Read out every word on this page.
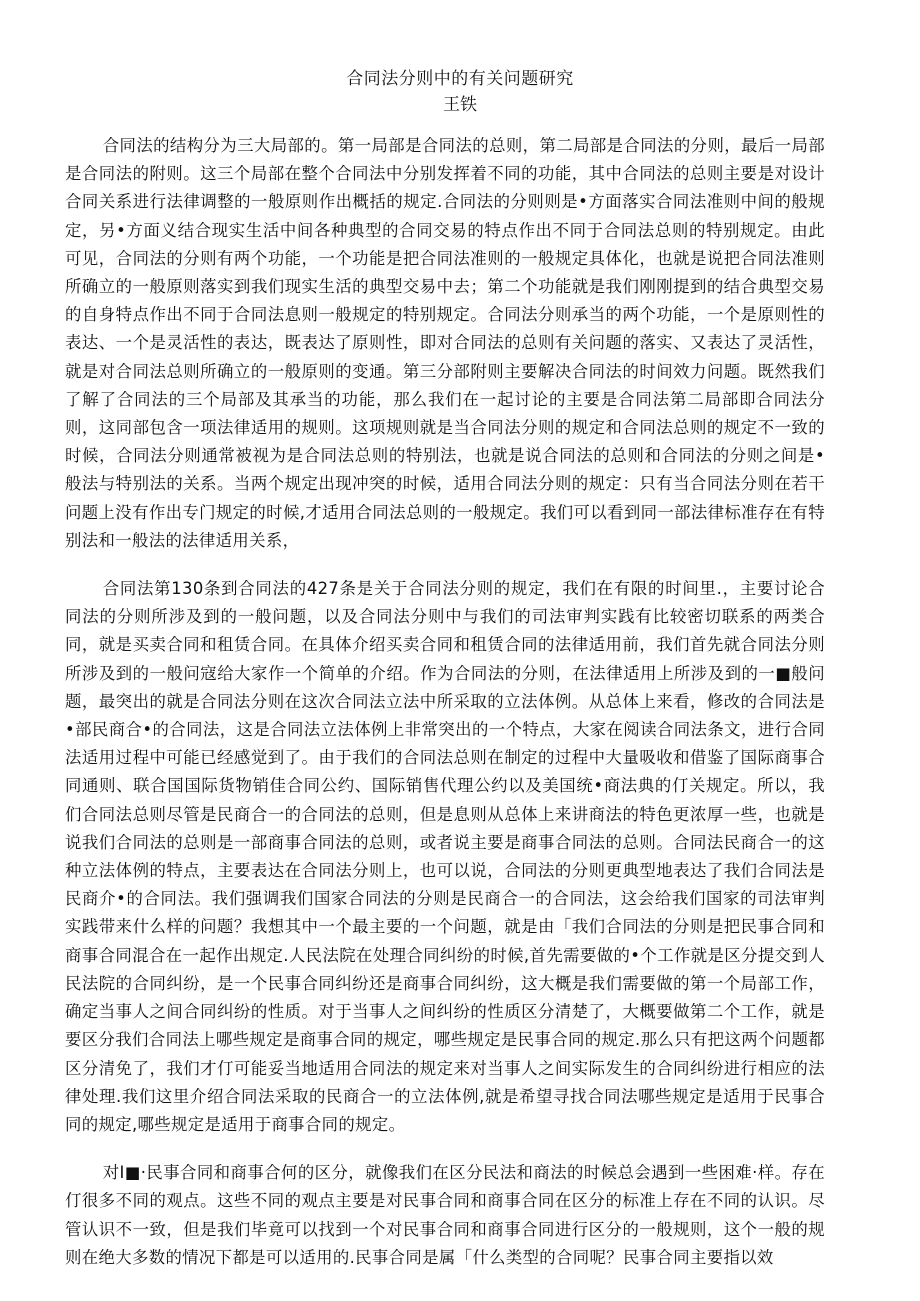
合同法分则中的有关问题研究
王铁

合同法的结构分为三大局部的。第一局部是合同法的总则，第二局部是合同法的分则，最后一局部是合同法的附则。这三个局部在整个合同法中分别发挥着不同的功能，其中合同法的总则主要是对设计合同关系进行法律调整的一般原则作出概括的规定.合同法的分则则是•方面落实合同法准则中间的般规定，另•方面义结合现实生活中间各种典型的合同交易的特点作出不同于合同法总则的特别规定。由此可见，合同法的分则有两个功能，一个功能是把合同法准则的一般规定具体化，也就是说把合同法准则所确立的一般原则落实到我们现实生活的典型交易中去；第二个功能就是我们刚刚提到的结合典型交易的自身特点作出不同于合同法息则一般规定的特别规定。合同法分则承当的两个功能，一个是原则性的表达、一个是灵活性的表达，既表达了原则性，即对合同法的总则有关问题的落实、又表达了灵活性，就是对合同法总则所确立的一般原则的变通。第三分部附则主要解决合同法的时间效力问题。既然我们了解了合同法的三个局部及其承当的功能，那么我们在一起讨论的主要是合同法第二局部即合同法分则，这同部包含一项法律适用的规则。这项规则就是当合同法分则的规定和合同法总则的规定不一致的时候，合同法分则通常被视为是合同法总则的特别法，也就是说合同法的总则和合同法的分则之间是•般法与特别法的关系。当两个规定出现冲突的时候，适用合同法分则的规定：只有当合同法分则在若干问题上没有作出专门规定的时候,才适用合同法总则的一般规定。我们可以看到同一部法律标准存在有特别法和一般法的法律适用关系，

合同法第130条到合同法的427条是关于合同法分则的规定，我们在有限的时间里.，主要讨论合同法的分则所涉及到的一般问题，以及合同法分则中与我们的司法审判实践有比较密切联系的两类合同，就是买卖合同和租赁合同。在具体介绍买卖合同和租赁合同的法律适用前，我们首先就合同法分则所涉及到的一般问寇给大家作一个简单的介绍。作为合同法的分则，在法律适用上所涉及到的一■般问题，最突出的就是合同法分则在这次合同法立法中所采取的立法体例。从总体上来看，修改的合同法是•部民商合•的合同法，这是合同法立法体例上非常突出的一个特点，大家在阅读合同法条文，进行合同法适用过程中可能已经感觉到了。由于我们的合同法总则在制定的过程中大量吸收和借鉴了国际商事合同通则、联合国国际货物销佳合同公约、国际销售代理公约以及美国统•商法典的仃关规定。所以，我们合同法总则尽管是民商合一的合同法的总则，但是息则从总体上来讲商法的特色更浓厚一些，也就是说我们合同法的总则是一部商事合同法的总则，或者说主要是商事合同法的总则。合同法民商合一的这种立法体例的特点，主要表达在合同法分则上，也可以说，合同法的分则更典型地表达了我们合同法是民商介•的合同法。我们强调我们国家合同法的分则是民商合一的合同法，这会给我们国家的司法审判实践带来什么样的问题？我想其中一个最主要的一个问题，就是由「我们合同法的分则是把民事合同和商事合同混合在一起作出规定.人民法院在处理合同纠纷的时候,首先需要做的•个工作就是区分提交到人民法院的合同纠纷，是一个民事合同纠纷还是商事合同纠纷，这大概是我们需要做的第一个局部工作，确定当事人之间合同纠纷的性质。对于当事人之间纠纷的性质区分清楚了，大概要做第二个工作，就是要区分我们合同法上哪些规定是商事合同的规定，哪些规定是民事合同的规定.那么只有把这两个问题都区分清免了，我们才仃可能妥当地适用合同法的规定来对当事人之间实际发生的合同纠纷进行相应的法律处理.我们这里介绍合同法采取的民商合一的立法体例,就是希望寻找合同法哪些规定是适用于民事合同的规定,哪些规定是适用于商事合同的规定。

对I■·民事合同和商事合何的区分，就像我们在区分民法和商法的时候总会遇到一些困难·样。存在仃很多不同的观点。这些不同的观点主要是对民事合同和商事合同在区分的标准上存在不同的认识。尽管认识不一致，但是我们毕竟可以找到一个对民事合同和商事合同进行区分的一般规则，这个一般的规则在绝大多数的情况下都是可以适用的.民事合同是属「什么类型的合同呢？民事合同主要指以效
